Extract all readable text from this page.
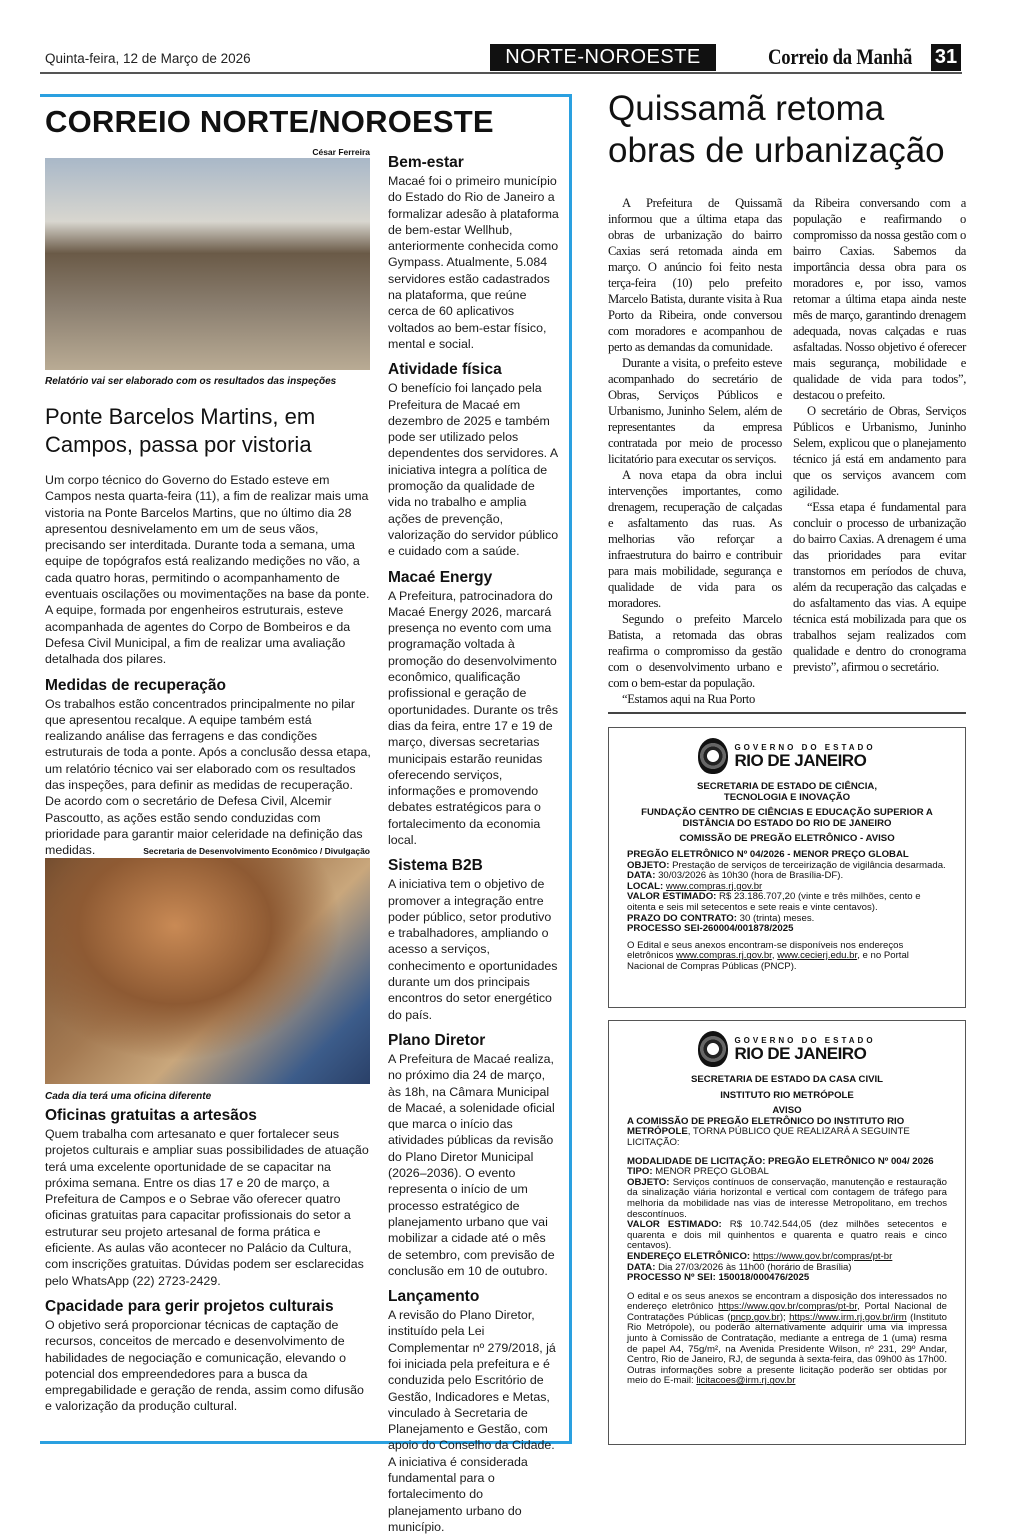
Quinta-feira, 12 de Março de 2026	NORTE-NOROESTE	Correio da Manhã 31
CORREIO NORTE/NOROESTE
César Ferreira
Relatório vai ser elaborado com os resultados das inspeções
Ponte Barcelos Martins, em Campos, passa por vistoria

Um corpo técnico do Governo do Estado esteve em Campos nesta quarta-feira (11), a fim de realizar mais uma vistoria na Ponte Barcelos Martins, que no último dia 28 apresentou desnivelamento em um de seus vãos, precisando ser interditada. Durante toda a semana, uma equipe de topógrafos está realizando medições no vão, a cada quatro horas, permitindo o acompanhamento de eventuais oscilações ou movimentações na base da ponte. A equipe, formada por engenheiros estruturais, esteve acompanhada de agentes do Corpo de Bombeiros e da Defesa Civil Municipal, a fim de realizar uma avaliação detalhada dos pilares.

Medidas de recuperação

Os trabalhos estão concentrados principalmente no pilar que apresentou recalque. A equipe também está realizando análise das ferragens e das condições estruturais de toda a ponte. Após a conclusão dessa etapa, um relatório técnico vai ser elaborado com os resultados das inspeções, para definir as medidas de recuperação. De acordo com o secretário de Defesa Civil, Alcemir Pascoutto, as ações estão sendo conduzidas com prioridade para garantir maior celeridade na definição das medidas.	Secretaria de Desenvolvimento Econômico / Divulgação
Cada dia terá uma oficina diferente
Oficinas gratuitas a artesãos

Quem trabalha com artesanato e quer fortalecer seus projetos culturais e ampliar suas possibilidades de atuação terá uma excelente oportunidade de se capacitar na próxima semana. Entre os dias 17 e 20 de março, a Prefeitura de Campos e o Sebrae vão oferecer quatro oficinas gratuitas para capacitar profissionais do setor a estruturar seu projeto artesanal de forma prática e eficiente. As aulas vão acontecer no Palácio da Cultura, com inscrições gratuitas. Dúvidas podem ser esclarecidas pelo WhatsApp (22) 2723-2429.

Cpacidade para gerir projetos culturais

O objetivo será proporcionar técnicas de captação de recursos, conceitos de mercado e desenvolvimento de habilidades de negociação e comunicação, elevando o potencial dos empreendedores para a busca da empregabilidade e geração de renda, assim como difusão e valorização da produção cultural.

Bem-estar

Macaé foi o primeiro município do Estado do Rio de Janeiro a formalizar adesão à plataforma de bem-estar Wellhub, anteriormente conhecida como Gympass. Atualmente, 5.084 servidores estão cadastrados na plataforma, que reúne cerca de 60 aplicativos voltados ao bem-estar físico, mental e social.

Atividade física

O benefício foi lançado pela Prefeitura de Macaé em dezembro de 2025 e também pode ser utilizado pelos dependentes dos servidores. A iniciativa integra a política de promoção da qualidade de vida no trabalho e amplia ações de prevenção, valorização do servidor público e cuidado com a saúde.

Macaé Energy

A Prefeitura, patrocinadora do Macaé Energy 2026, marcará presença no evento com uma programação voltada à promoção do desenvolvimento econômico, qualificação profissional e geração de oportunidades. Durante os três dias da feira, entre 17 e 19 de março, diversas secretarias municipais estarão reunidas oferecendo serviços, informações e promovendo debates estratégicos para o fortalecimento da economia local.

Sistema B2B

A iniciativa tem o objetivo de promover a integração entre poder público, setor produtivo e trabalhadores, ampliando o acesso a serviços, conhecimento e oportunidades durante um dos principais encontros do setor energético do país.

Plano Diretor

A Prefeitura de Macaé realiza, no próximo dia 24 de março, às 18h, na Câmara Municipal de Macaé, a solenidade oficial que marca o início das atividades públicas da revisão do Plano Diretor Municipal (2026–2036). O evento representa o início de um processo estratégico de planejamento urbano que vai mobilizar a cidade até o mês de setembro, com previsão de conclusão em 10 de outubro.

Lançamento

A revisão do Plano Diretor, instituído pela Lei Complementar nº 279/2018, já foi iniciada pela prefeitura e é conduzida pelo Escritório de Gestão, Indicadores e Metas, vinculado à Secretaria de Planejamento e Gestão, com apoio do Conselho da Cidade. A iniciativa é considerada fundamental para o fortalecimento do planejamento urbano do município.

Quissamã retoma obras de urbanização

A Prefeitura de Quissamã informou que a última etapa das obras de urbanização do bairro Caxias será retomada ainda em março. O anúncio foi feito nesta terça-feira (10) pelo prefeito Marcelo Batista, durante visita à Rua Porto da Ribeira, onde conversou com moradores e acompanhou de perto as demandas da comunidade.

Durante a visita, o prefeito esteve acompanhado do secretário de Obras, Serviços Públicos e Urbanismo, Juninho Selem, além de representantes da empresa contratada por meio de processo licitatório para executar os serviços.

A nova etapa da obra inclui intervenções importantes, como drenagem, recuperação de calçadas e asfaltamento das ruas. As melhorias vão reforçar a infraestrutura do bairro e contribuir para mais mobilidade, segurança e qualidade de vida para os moradores.

Segundo o prefeito Marcelo Batista, a retomada das obras reafirma o compromisso da gestão com o desenvolvimento urbano e com o bem-estar da população.

“Estamos aqui na Rua Porto

da Ribeira conversando com a população e reafirmando o compromisso da nossa gestão com o bairro Caxias. Sabemos da importância dessa obra para os moradores e, por isso, vamos retomar a última etapa ainda neste mês de março, garantindo drenagem adequada, novas calçadas e ruas asfaltadas. Nosso objetivo é oferecer mais segurança, mobilidade e qualidade de vida para todos”, destacou o prefeito.

O secretário de Obras, Serviços Públicos e Urbanismo, Juninho Selem, explicou que o planejamento técnico já está em andamento para que os serviços avancem com agilidade.

“Essa etapa é fundamental para concluir o processo de urbanização do bairro Caxias. A drenagem é uma das prioridades para evitar transtornos em períodos de chuva, além da recuperação das calçadas e do asfaltamento das vias. A equipe técnica está mobilizada para que os trabalhos sejam realizados com qualidade e dentro do cronograma previsto”, afirmou o secretário.

GOVERNO DO ESTADO
RIO DE JANEIRO
SECRETARIA DE ESTADO DE CIÊNCIA, TECNOLOGIA E INOVAÇÃO
FUNDAÇÃO CENTRO DE CIÊNCIAS E EDUCAÇÃO SUPERIOR A DISTÂNCIA DO ESTADO DO RIO DE JANEIRO
COMISSÃO DE PREGÃO ELETRÔNICO - AVISO
PREGÃO ELETRÔNICO Nº 04/2026 - MENOR PREÇO GLOBAL
OBJETO: Prestação de serviços de terceirização de vigilância desarmada.
DATA: 30/03/2026 às 10h30 (hora de Brasília-DF).
LOCAL: www.compras.rj.gov.br
VALOR ESTIMADO: R$ 23.186.707,20 (vinte e três milhões, cento e oitenta e seis mil setecentos e sete reais e vinte centavos).
PRAZO DO CONTRATO: 30 (trinta) meses.
PROCESSO SEI-260004/001878/2025
O Edital e seus anexos encontram-se disponíveis nos endereços eletrônicos www.compras.rj.gov.br, www.cecierj.edu.br, e no Portal Nacional de Compras Públicas (PNCP).
GOVERNO DO ESTADO
RIO DE JANEIRO
SECRETARIA DE ESTADO DA CASA CIVIL
INSTITUTO RIO METRÓPOLE
AVISO
A COMISSÃO DE PREGÃO ELETRÔNICO DO INSTITUTO RIO METRÓPOLE, TORNA PÚBLICO QUE REALIZARÁ A SEGUINTE LICITAÇÃO:
MODALIDADE DE LICITAÇÃO: PREGÃO ELETRÔNICO Nº 004/ 2026
TIPO: MENOR PREÇO GLOBAL
OBJETO: Serviços contínuos de conservação, manutenção e restauração da sinalização viária horizontal e vertical com contagem de tráfego para melhoria da mobilidade nas vias de interesse Metropolitano, em trechos descontínuos.
VALOR ESTIMADO: R$ 10.742.544,05 (dez milhões setecentos e quarenta e dois mil quinhentos e quarenta e quatro reais e cinco centavos).
ENDEREÇO ELETRÔNICO: https://www.gov.br/compras/pt-br
DATA: Dia 27/03/2026 às 11h00 (horário de Brasília)
PROCESSO Nº SEI: 150018/000476/2025
O edital e os seus anexos se encontram a disposição dos interessados no endereço eletrônico https://www.gov.br/compras/pt-br, Portal Nacional de Contratações Públicas (pncp.gov.br); https://www.irm.rj.gov.br/irm (Instituto Rio Metrópole), ou poderão alternativamente adquirir uma via impressa junto à Comissão de Contratação, mediante a entrega de 1 (uma) resma de papel A4, 75g/m², na Avenida Presidente Wilson, nº 231, 29º Andar, Centro, Rio de Janeiro, RJ, de segunda à sexta-feira, das 09h00 às 17h00. Outras informações sobre a presente licitação poderão ser obtidas por meio do E-mail: licitacoes@irm.rj.gov.br
